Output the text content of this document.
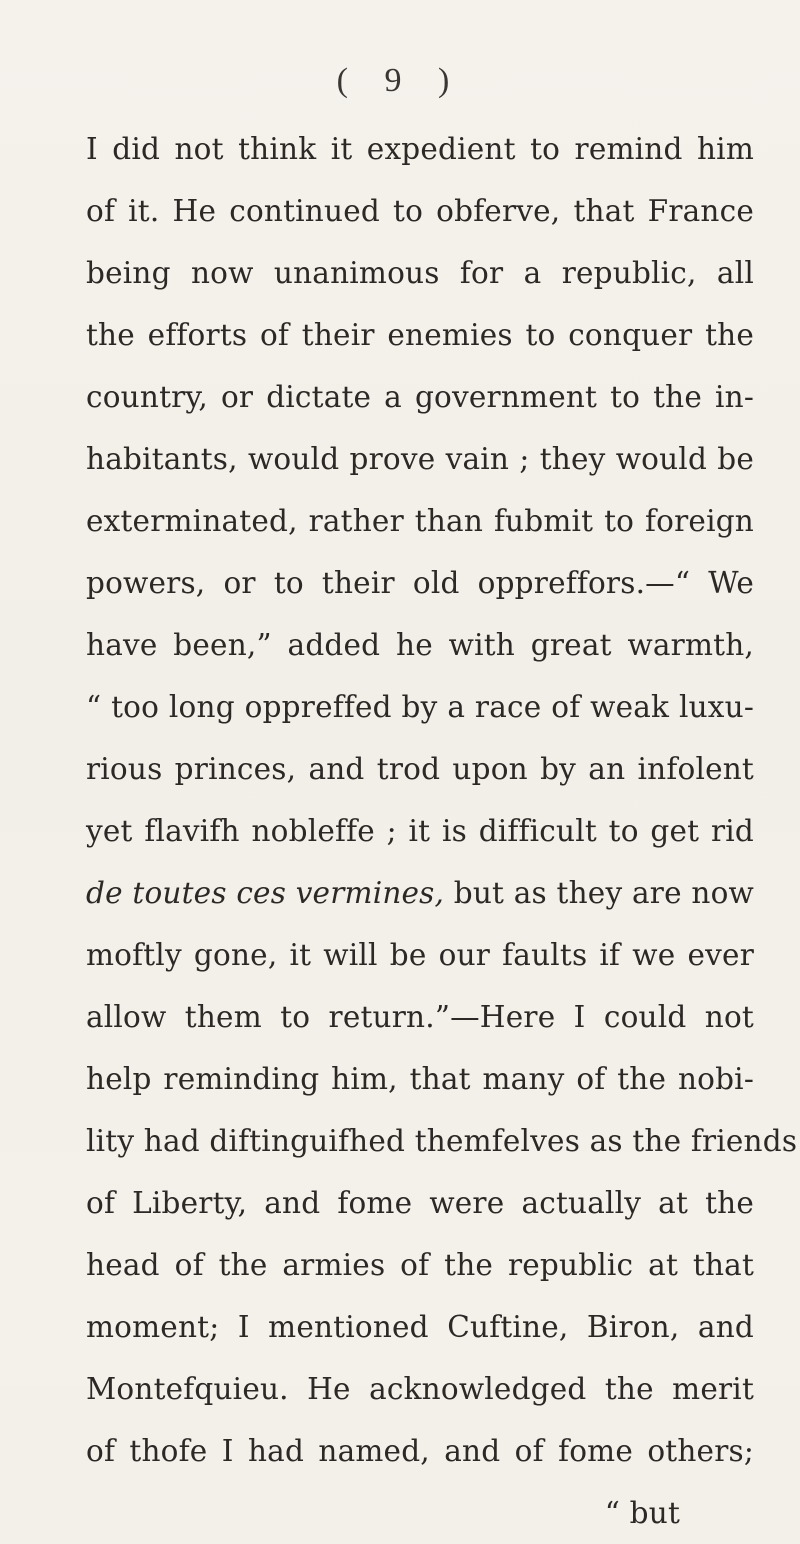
( 9 )
I did not think it expedient to remind him
of it. He continued to obferve, that France
being now unanimous for a republic, all
the efforts of their enemies to conquer the
country, or dictate a government to the in-
habitants, would prove vain ; they would be
exterminated, rather than fubmit to foreign
powers, or to their old oppreffors.—“ We
have been,” added he with great warmth,
“ too long oppreffed by a race of weak luxu-
rious princes, and trod upon by an infolent
yet flavifh nobleffe ; it is difficult to get rid
de toutes ces vermines, but as they are now
moftly gone, it will be our faults if we ever
allow them to return.”—Here I could not
help reminding him, that many of the nobi-
lity had diftinguifhed themfelves as the friends
of Liberty, and fome were actually at the
head of the armies of the republic at that
moment; I mentioned Cuftine, Biron, and
Montefquieu. He acknowledged the merit
of thofe I had named, and of fome others;
“ but
